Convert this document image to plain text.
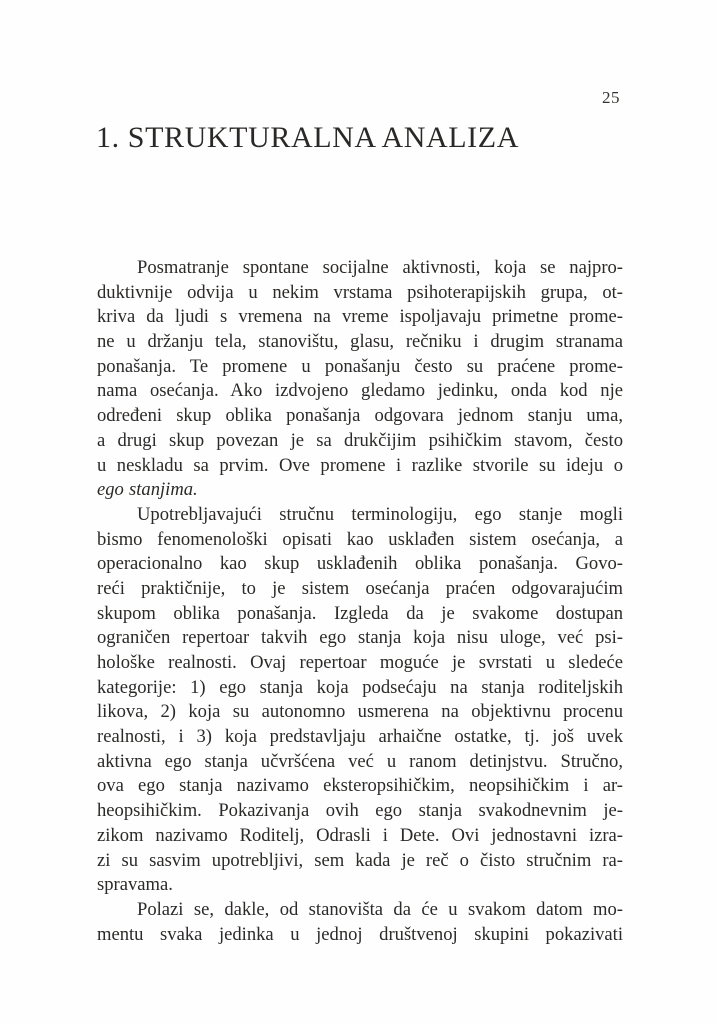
25
1. STRUKTURALNA ANALIZA
Posmatranje spontane socijalne aktivnosti, koja se najpro-
duktivnije odvija u nekim vrstama psihoterapijskih grupa, ot-
kriva da ljudi s vremena na vreme ispoljavaju primetne prome-
ne u držanju tela, stanovištu, glasu, rečniku i drugim stranama
ponašanja. Te promene u ponašanju često su praćene prome-
nama osećanja. Ako izdvojeno gledamo jedinku, onda kod nje
određeni skup oblika ponašanja odgovara jednom stanju uma,
a drugi skup povezan je sa drukčijim psihičkim stavom, često
u neskladu sa prvim. Ove promene i razlike stvorile su ideju o
ego stanjima.
Upotrebljavajući stručnu terminologiju, ego stanje mogli
bismo fenomenološki opisati kao usklađen sistem osećanja, a
operacionalno kao skup usklađenih oblika ponašanja. Govo-
reći praktičnije, to je sistem osećanja praćen odgovarajućim
skupom oblika ponašanja. Izgleda da je svakome dostupan
ograničen repertoar takvih ego stanja koja nisu uloge, već psi-
hološke realnosti. Ovaj repertoar moguće je svrstati u sledeće
kategorije: 1) ego stanja koja podsećaju na stanja roditeljskih
likova, 2) koja su autonomno usmerena na objektivnu procenu
realnosti, i 3) koja predstavljaju arhaične ostatke, tj. još uvek
aktivna ego stanja učvršćena već u ranom detinjstvu. Stručno,
ova ego stanja nazivamo eksteropsihičkim, neopsihičkim i ar-
heopsihičkim. Pokazivanja ovih ego stanja svakodnevnim je-
zikom nazivamo Roditelj, Odrasli i Dete. Ovi jednostavni izra-
zi su sasvim upotrebljivi, sem kada je reč o čisto stručnim ra-
spravama.
Polazi se, dakle, od stanovišta da će u svakom datom mo-
mentu svaka jedinka u jednoj društvenoj skupini pokazivati
